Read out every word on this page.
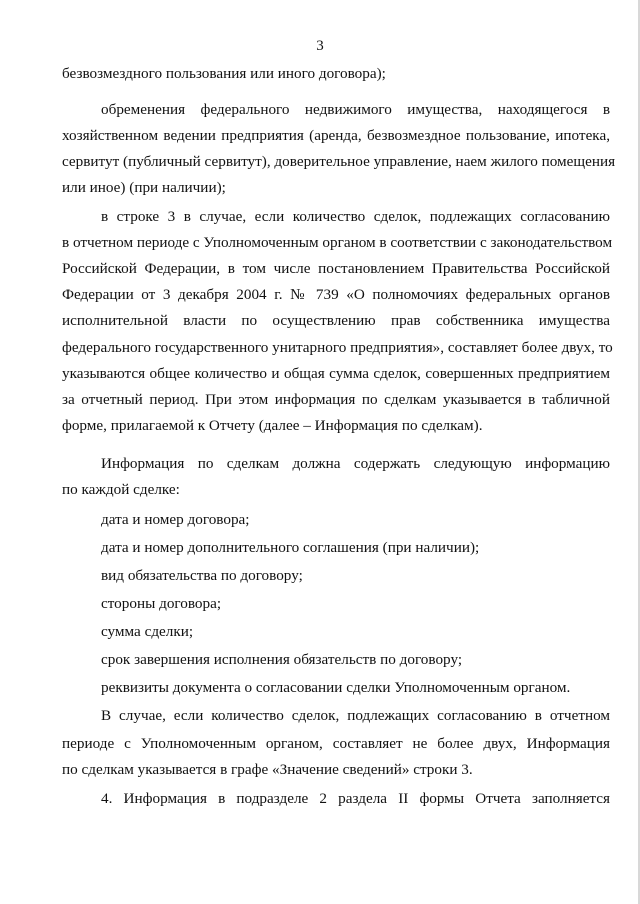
3
безвозмездного пользования или иного договора);
обременения федерального недвижимого имущества, находящегося в
хозяйственном ведении предприятия (аренда, безвозмездное пользование, ипотека,
сервитут (публичный сервитут), доверительное управление, наем жилого помещения
или иное) (при наличии);
в строке 3 в случае, если количество сделок, подлежащих согласованию
в отчетном периоде с Уполномоченным органом в соответствии с законодательством
Российской Федерации, в том числе постановлением Правительства Российской
Федерации от 3 декабря 2004 г. № 739 «О полномочиях федеральных органов
исполнительной власти по осуществлению прав собственника имущества
федерального государственного унитарного предприятия», составляет более двух, то
указываются общее количество и общая сумма сделок, совершенных предприятием
за отчетный период. При этом информация по сделкам указывается в табличной
форме, прилагаемой к Отчету (далее – Информация по сделкам).
Информация по сделкам должна содержать следующую информацию
по каждой сделке:
дата и номер договора;
дата и номер дополнительного соглашения (при наличии);
вид обязательства по договору;
стороны договора;
сумма сделки;
срок завершения исполнения обязательств по договору;
реквизиты документа о согласовании сделки Уполномоченным органом.
В случае, если количество сделок, подлежащих согласованию в отчетном
периоде с Уполномоченным органом, составляет не более двух, Информация
по сделкам указывается в графе «Значение сведений» строки 3.
4. Информация в подразделе 2 раздела II формы Отчета заполняется
